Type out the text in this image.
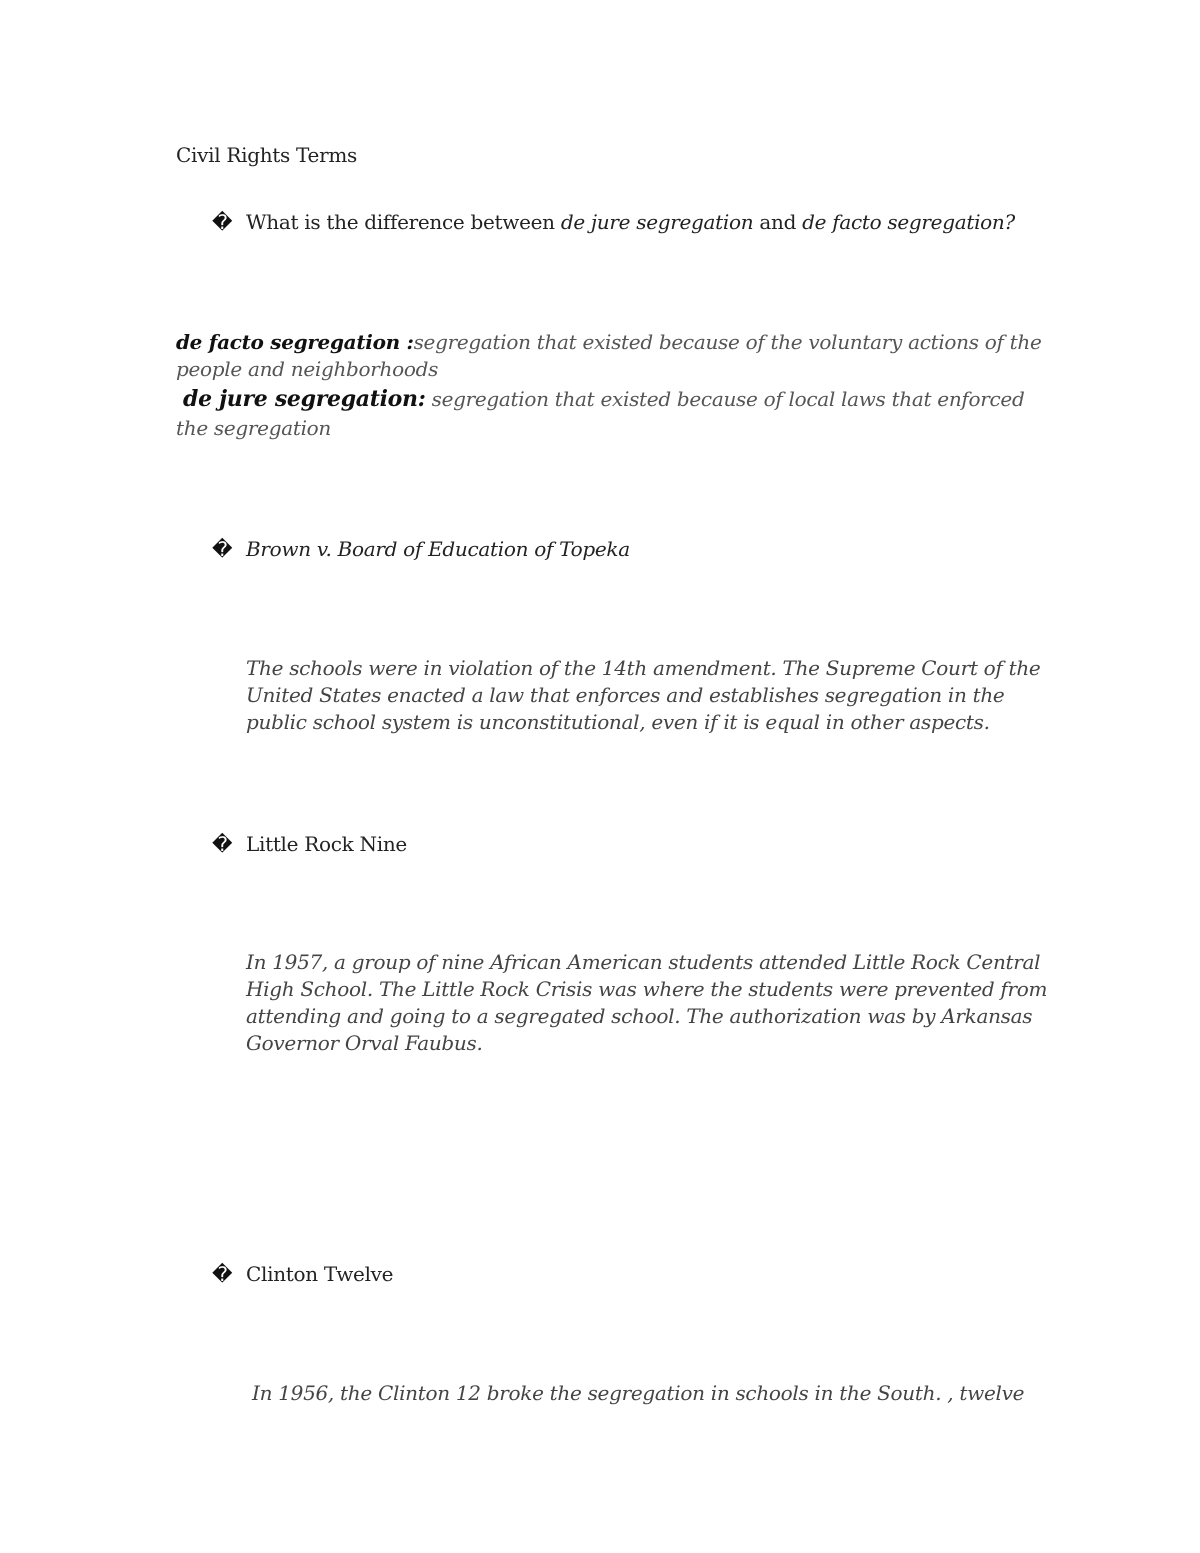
Civil Rights Terms
� What is the difference between de jure segregation and de facto segregation?
de facto segregation :segregation that existed because of the voluntary actions of the
people and neighborhoods
de jure segregation: segregation that existed because of local laws that enforced
the segregation
� Brown v. Board of Education of Topeka
The schools were in violation of the 14th amendment. The Supreme Court of the
United States enacted a law that enforces and establishes segregation in the
public school system is unconstitutional, even if it is equal in other aspects.
� Little Rock Nine
In 1957, a group of nine African American students attended Little Rock Central
High School. The Little Rock Crisis was where the students were prevented from
attending and going to a segregated school. The authorization was by Arkansas
Governor Orval Faubus.
� Clinton Twelve
In 1956, the Clinton 12 broke the segregation in schools in the South. , twelve
